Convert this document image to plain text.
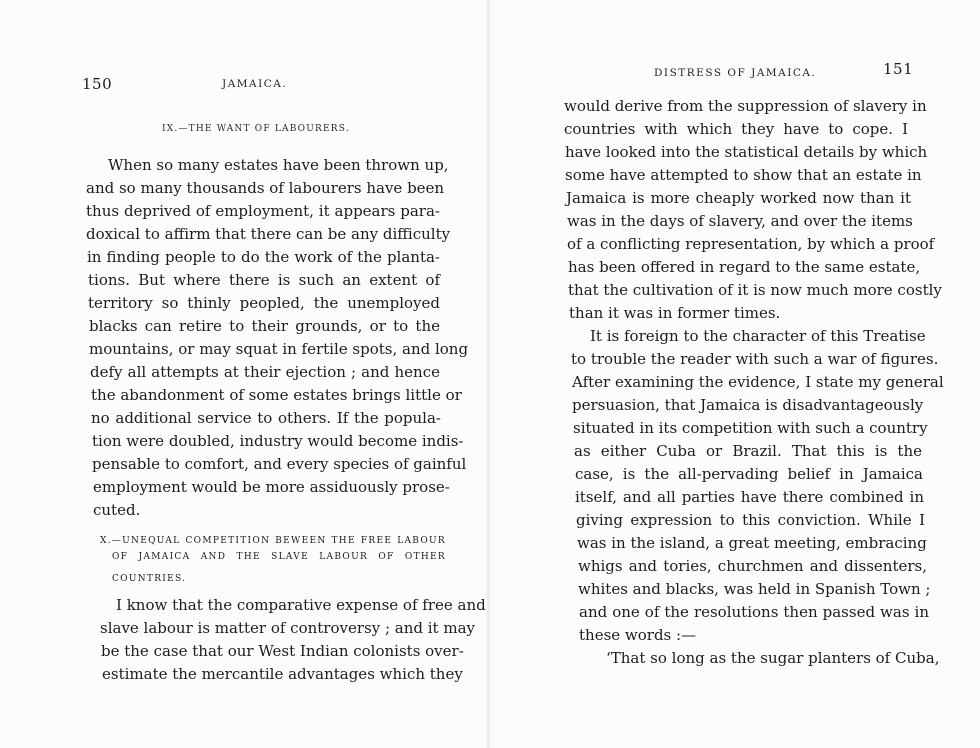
150	JAMAICA.
IX.—THE WANT OF LABOURERS.
When so many estates have been thrown up,
and so many thousands of labourers have been
thus deprived of employment, it appears para-
doxical to affirm that there can be any difficulty
in finding people to do the work of the planta-
tions. But where there is such an extent of
territory so thinly peopled, the unemployed
blacks can retire to their grounds, or to the
mountains, or may squat in fertile spots, and long
defy all attempts at their ejection ; and hence
the abandonment of some estates brings little or
no additional service to others. If the popula-
tion were doubled, industry would become indis-
pensable to comfort, and every species of gainful
employment would be more assiduously prose-
cuted.
X.—UNEQUAL COMPETITION BEWEEN THE FREE LABOUR
OF JAMAICA AND THE SLAVE LABOUR OF OTHER
COUNTRIES.
I know that the comparative expense of free and
slave labour is matter of controversy ; and it may
be the case that our West Indian colonists over-
estimate the mercantile advantages which they
DISTRESS OF JAMAICA.	151
would derive from the suppression of slavery in
countries with which they have to cope. I
have looked into the statistical details by which
some have attempted to show that an estate in
Jamaica is more cheaply worked now than it
was in the days of slavery, and over the items
of a conflicting representation, by which a proof
has been offered in regard to the same estate,
that the cultivation of it is now much more costly
than it was in former times.
It is foreign to the character of this Treatise
to trouble the reader with such a war of figures.
After examining the evidence, I state my general
persuasion, that Jamaica is disadvantageously
situated in its competition with such a country
as either Cuba or Brazil. That this is the
case, is the all-pervading belief in Jamaica
itself, and all parties have there combined in
giving expression to this conviction. While I
was in the island, a great meeting, embracing
whigs and tories, churchmen and dissenters,
whites and blacks, was held in Spanish Town ;
and one of the resolutions then passed was in
these words :—
‘That so long as the sugar planters of Cuba,
